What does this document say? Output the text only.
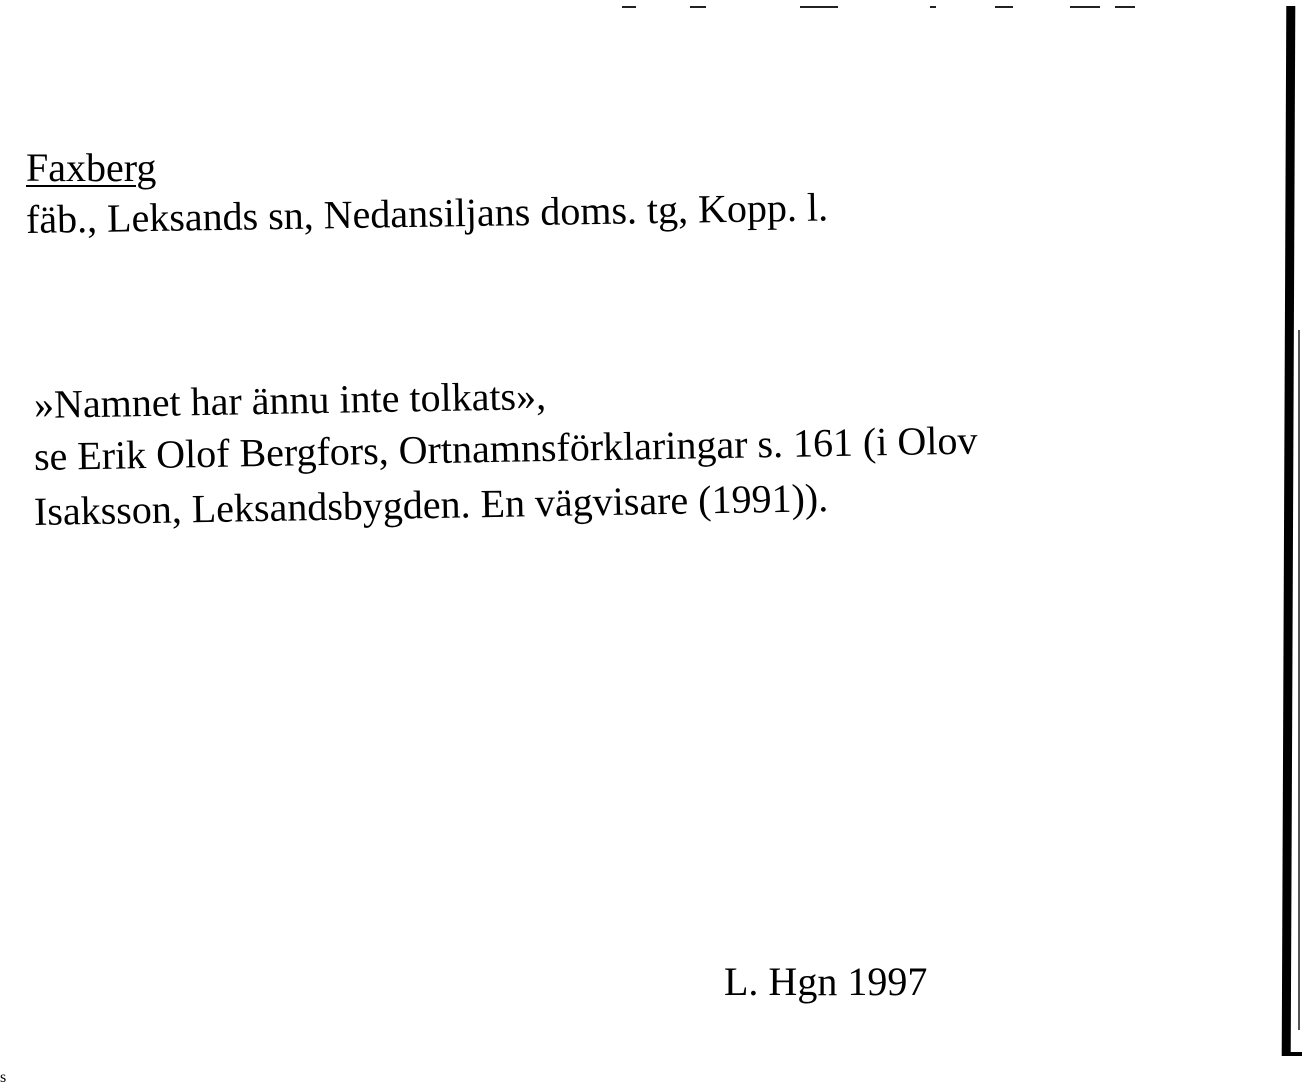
Faxberg
fäb., Leksands sn, Nedansiljans doms. tg, Kopp. l.
»Namnet har ännu inte tolkats»,
se Erik Olof Bergfors, Ortnamnsförklaringar s. 161 (i Olov
Isaksson, Leksandsbygden. En vägvisare (1991)).
L. Hgn 1997
s
